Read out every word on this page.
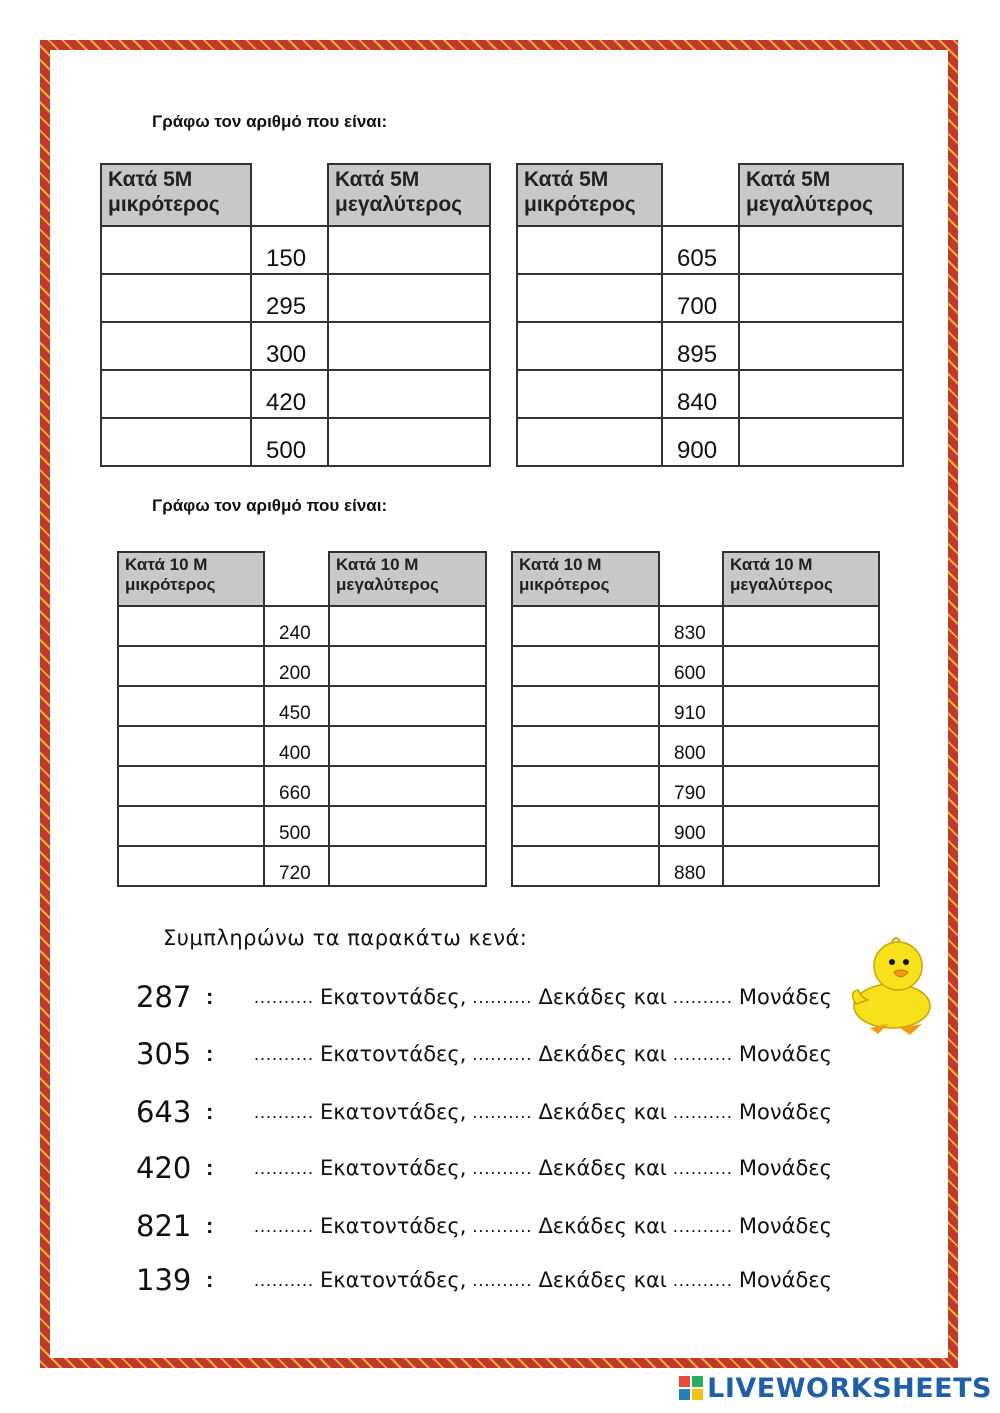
Γράφω τον αριθμό που είναι:
Κατά 5Μ μικρότερος		Κατά 5Μ μεγαλύτερος
	150	
	295	
	300	
	420	
	500	
Κατά 5Μ μικρότερος		Κατά 5Μ μεγαλύτερος
	605	
	700	
	895	
	840	
	900	
Γράφω τον αριθμό που είναι:
Κατά 10 Μ μικρότερος		Κατά 10 Μ μεγαλύτερος
	240	
	200	
	450	
	400	
	660	
	500	
	720	
Κατά 10 Μ μικρότερος		Κατά 10 Μ μεγαλύτερος
	830	
	600	
	910	
	800	
	790	
	900	
	880	
Συμπληρώνω τα παρακάτω κενά:
287 :	.......... Εκατοντάδες, .......... Δεκάδες και .......... Μονάδες
305 :	.......... Εκατοντάδες, .......... Δεκάδες και .......... Μονάδες
643 :	.......... Εκατοντάδες, .......... Δεκάδες και .......... Μονάδες
420 :	.......... Εκατοντάδες, .......... Δεκάδες και .......... Μονάδες
821 :	.......... Εκατοντάδες, .......... Δεκάδες και .......... Μονάδες
139 :	.......... Εκατοντάδες, .......... Δεκάδες και .......... Μονάδες
LIVEWORKSHEETS
